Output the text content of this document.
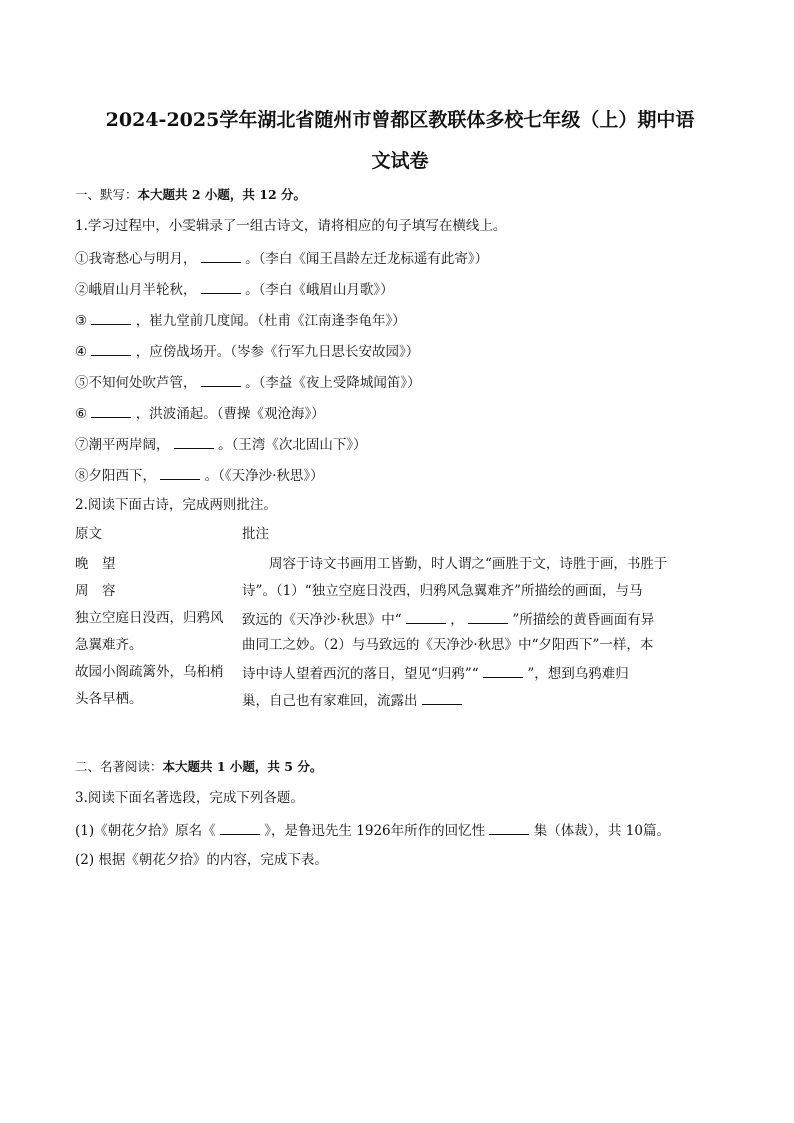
2024-2025学年湖北省随州市曾都区教联体多校七年级（上）期中语
文试卷
一、默写：本大题共 2 小题，共 12 分。
1.学习过程中，小雯辑录了一组古诗文，请将相应的句子填写在横线上。
①我寄愁心与明月，	。（李白《闻王昌龄左迁龙标遥有此寄》）
②峨眉山月半轮秋，	。（李白《峨眉山月歌》）
③	，崔九堂前几度闻。（杜甫《江南逢李龟年》）
④	，应傍战场开。（岑参《行军九日思长安故园》）
⑤不知何处吹芦管，	。（李益《夜上受降城闻笛》）
⑥	，洪波涌起。（曹操《观沧海》）
⑦潮平两岸阔，	。（王湾《次北固山下》）
⑧夕阳西下，	。（《天净沙·秋思》）
2.阅读下面古诗，完成两则批注。
原文	批注
晚　望
周　容
独立空庭日没西，归鸦风
急翼难齐。
故园小阁疏篱外，乌桕梢
头各早栖。
周容于诗文书画用工皆勤，时人谓之“画胜于文，诗胜于画，书胜于
诗”。（1）“独立空庭日没西，归鸦风急翼难齐”所描绘的画面，与马
致远的《天净沙·秋思》中“	，	”所描绘的黄昏画面有异
曲同工之妙。（2）与马致远的《天净沙·秋思》中“夕阳西下”一样，本
诗中诗人望着西沉的落日，望见“归鸦”“	”，想到乌鸦难归
巢，自己也有家难回，流露出
二、名著阅读：本大题共 1 小题，共 5 分。
3.阅读下面名著选段，完成下列各题。
(1)《朝花夕拾》原名《	》，是鲁迅先生 1926年所作的回忆性	集（体裁），共 10篇。
(2) 根据《朝花夕拾》的内容，完成下表。
